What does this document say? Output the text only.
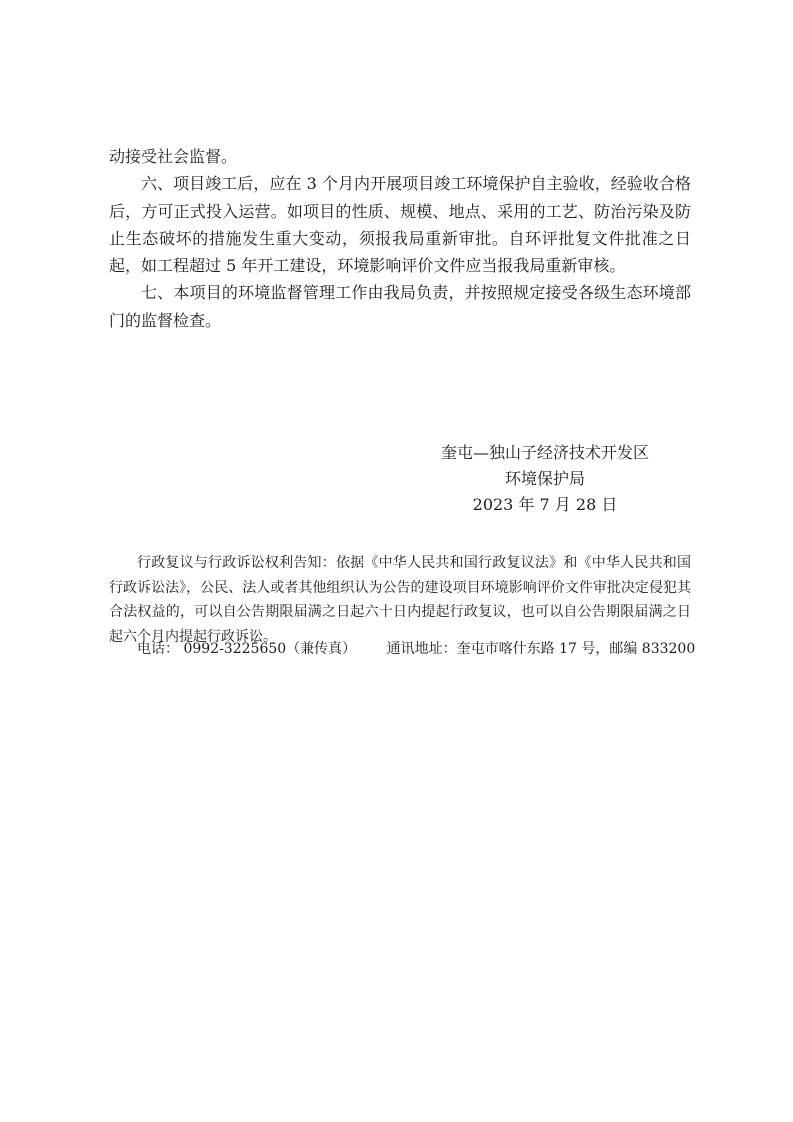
动接受社会监督。

六、项目竣工后，应在 3 个月内开展项目竣工环境保护自主验收，经验收合格后，方可正式投入运营。如项目的性质、规模、地点、采用的工艺、防治污染及防止生态破坏的措施发生重大变动，须报我局重新审批。自环评批复文件批准之日起，如工程超过 5 年开工建设，环境影响评价文件应当报我局重新审核。

七、本项目的环境监督管理工作由我局负责，并按照规定接受各级生态环境部门的监督检查。

奎屯—独山子经济技术开发区
环境保护局
2023 年 7 月 28 日

行政复议与行政诉讼权利告知：依据《中华人民共和国行政复议法》和《中华人民共和国行政诉讼法》，公民、法人或者其他组织认为公告的建设项目环境影响评价文件审批决定侵犯其合法权益的，可以自公告期限届满之日起六十日内提起行政复议，也可以自公告期限届满之日起六个月内提起行政诉讼。

电话： 0992-3225650（兼传真） 通讯地址：奎屯市喀什东路 17 号，邮编 833200
